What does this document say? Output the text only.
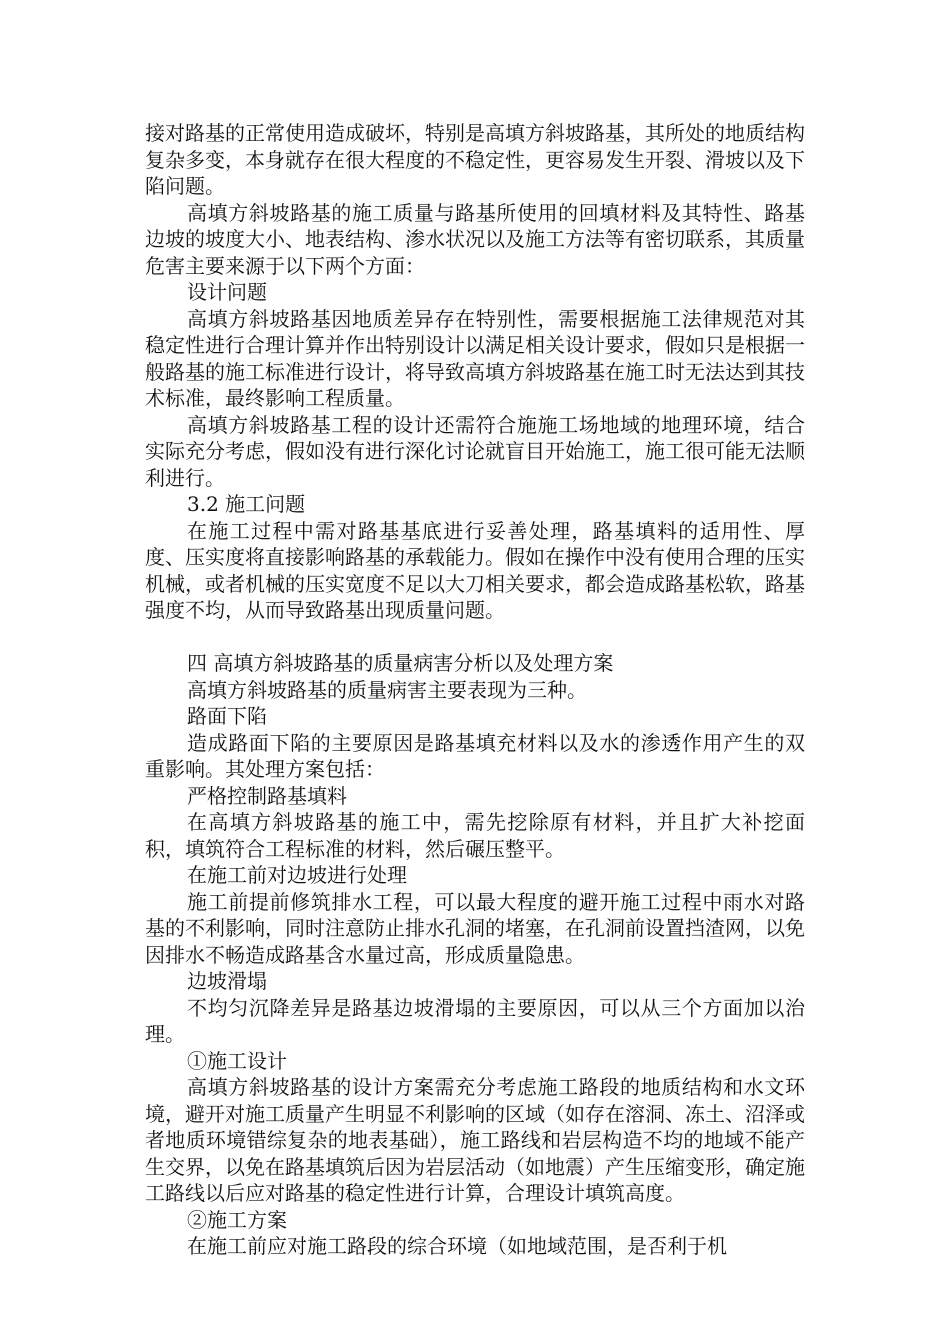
接对路基的正常使用造成破坏，特别是高填方斜坡路基，其所处的地质结构复杂多变，本身就存在很大程度的不稳定性，更容易发生开裂、滑坡以及下陷问题。

高填方斜坡路基的施工质量与路基所使用的回填材料及其特性、路基边坡的坡度大小、地表结构、渗水状况以及施工方法等有密切联系，其质量危害主要来源于以下两个方面：

设计问题

高填方斜坡路基因地质差异存在特别性，需要根据施工法律规范对其稳定性进行合理计算并作出特别设计以满足相关设计要求，假如只是根据一般路基的施工标准进行设计，将导致高填方斜坡路基在施工时无法达到其技术标准，最终影响工程质量。

高填方斜坡路基工程的设计还需符合施施工场地域的地理环境，结合实际充分考虑，假如没有进行深化讨论就盲目开始施工，施工很可能无法顺利进行。

3.2 施工问题

在施工过程中需对路基基底进行妥善处理，路基填料的适用性、厚度、压实度将直接影响路基的承载能力。假如在操作中没有使用合理的压实机械，或者机械的压实宽度不足以大刀相关要求，都会造成路基松软，路基强度不均，从而导致路基出现质量问题。

四 高填方斜坡路基的质量病害分析以及处理方案

高填方斜坡路基的质量病害主要表现为三种。

路面下陷

造成路面下陷的主要原因是路基填充材料以及水的渗透作用产生的双重影响。其处理方案包括：

严格控制路基填料

在高填方斜坡路基的施工中，需先挖除原有材料，并且扩大补挖面积，填筑符合工程标准的材料，然后碾压整平。

在施工前对边坡进行处理

施工前提前修筑排水工程，可以最大程度的避开施工过程中雨水对路基的不利影响，同时注意防止排水孔洞的堵塞，在孔洞前设置挡渣网，以免因排水不畅造成路基含水量过高，形成质量隐患。

边坡滑塌

不均匀沉降差异是路基边坡滑塌的主要原因，可以从三个方面加以治理。

①施工设计

高填方斜坡路基的设计方案需充分考虑施工路段的地质结构和水文环境，避开对施工质量产生明显不利影响的区域（如存在溶洞、冻土、沼泽或者地质环境错综复杂的地表基础），施工路线和岩层构造不均的地域不能产生交界，以免在路基填筑后因为岩层活动（如地震）产生压缩变形，确定施工路线以后应对路基的稳定性进行计算，合理设计填筑高度。

②施工方案

在施工前应对施工路段的综合环境（如地域范围，是否利于机
